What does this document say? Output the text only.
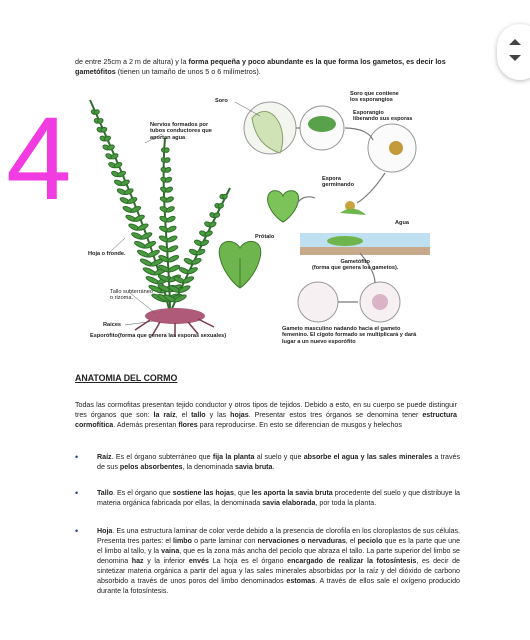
de entre 25cm a 2 m de altura) y la forma pequeña y poco abundante es la que forma los gametos, es decir los gametófitos (tienen un tamaño de unos 5 o 6 milímetros).
4	Soro
Soro que contiene
los esporangios
Esporangio
liberando sus esporas
Nervios formados por
tubos conductores que
aportan agua
Espora
germinando
Agua
Prótalo
Hoja o fronde.
Gametófito
(forma que genera los gametos).
Tallo subterráneo
o rizoma.
Raíces
Esporófito(forma que genera las esporas sexuales)
Gameto masculino nadando hacia el gameto
femenino. El cigoto formado se multiplicará y dará
lugar a un nuevo esporófito
ANATOMIA DEL CORMO
Todas las cormofitas presentan tejido conductor y otros tipos de tejidos. Debido a esto, en su cuerpo se puede distinguir tres órganos que son: la raíz, el tallo y las hojas. Presentar estos tres órganos se denomina tener estructura cormofítica. Además presentan flores para reproducirse. En esto se diferencian de musgos y helechos
•	Raíz. Es el órgano subterráneo que fija la planta al suelo y que absorbe el agua y las sales minerales a través de sus pelos absorbentes, la denominada savia bruta.
•	Tallo. Es el órgano que sostiene las hojas, que les aporta la savia bruta procedente del suelo y que distribuye la materia orgánica fabricada por ellas, la denominada savia elaborada, por toda la planta.
•	Hoja. Es una estructura laminar de color verde debido a la presencia de clorofila en los cloroplastos de sus células. Presenta tres partes: el limbo o parte laminar con nervaciones o nervaduras, el peciolo que es la parte que une el limbo al tallo, y la vaina, que es la zona más ancha del peciolo que abraza el tallo. La parte superior del limbo se denomina haz y la inferior envés La hoja es el órgano encargado de realizar la fotosíntesis, es decir de sintetizar materia orgánica a partir del agua y las sales minerales absorbidas por la raíz y del dióxido de carbono absorbido a través de unos poros del limbo denominados estomas. A través de ellos sale el oxígeno producido durante la fotosíntesis.
